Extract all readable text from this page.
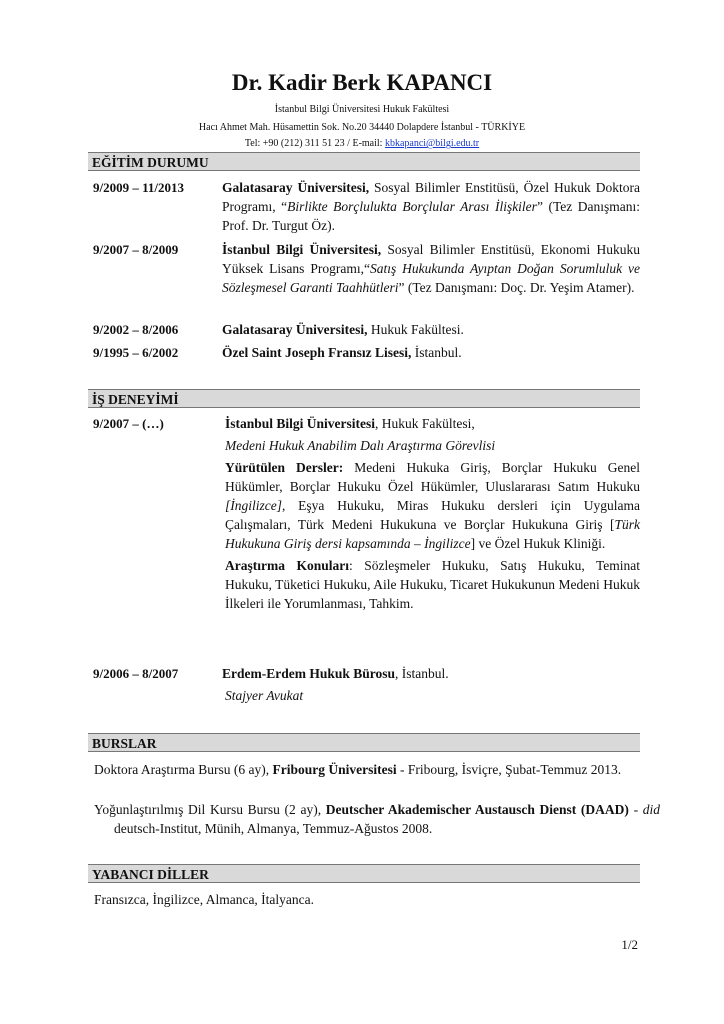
Dr. Kadir Berk KAPANCI
İstanbul Bilgi Üniversitesi Hukuk Fakültesi
Hacı Ahmet Mah. Hüsamettin Sok. No.20 34440 Dolapdere İstanbul - TÜRKİYE
Tel: +90 (212) 311 51 23 / E-mail: kbkapanci@bilgi.edu.tr
EĞİTİM DURUMU
9/2009 – 11/2013	Galatasaray Üniversitesi, Sosyal Bilimler Enstitüsü, Özel Hukuk Doktora Programı, “Birlikte Borçlulukta Borçlular Arası İlişkiler” (Tez Danışmanı: Prof. Dr. Turgut Öz).
9/2007 – 8/2009	İstanbul Bilgi Üniversitesi, Sosyal Bilimler Enstitüsü, Ekonomi Hukuku Yüksek Lisans Programı,“Satış Hukukunda Ayıptan Doğan Sorumluluk ve Sözleşmesel Garanti Taahhütleri” (Tez Danışmanı: Doç. Dr. Yeşim Atamer).
9/2002 – 8/2006	Galatasaray Üniversitesi, Hukuk Fakültesi.
9/1995 – 6/2002	Özel Saint Joseph Fransız Lisesi, İstanbul.
İŞ DENEYİMİ
9/2007 – (…)	İstanbul Bilgi Üniversitesi, Hukuk Fakültesi,

Medeni Hukuk Anabilim Dalı Araştırma Görevlisi

Yürütülen Dersler: Medeni Hukuka Giriş, Borçlar Hukuku Genel Hükümler, Borçlar Hukuku Özel Hükümler, Uluslararası Satım Hukuku [İngilizce], Eşya Hukuku, Miras Hukuku dersleri için Uygulama Çalışmaları, Türk Medeni Hukukuna ve Borçlar Hukukuna Giriş [Türk Hukukuna Giriş dersi kapsamında – İngilizce] ve Özel Hukuk Kliniği.

Araştırma Konuları: Sözleşmeler Hukuku, Satış Hukuku, Teminat Hukuku, Tüketici Hukuku, Aile Hukuku, Ticaret Hukukunun Medeni Hukuk İlkeleri ile Yorumlanması, Tahkim.

9/2006 – 8/2007	Erdem-Erdem Hukuk Bürosu, İstanbul.

Stajyer Avukat

BURSLAR
Doktora Araştırma Bursu (6 ay), Fribourg Üniversitesi - Fribourg, İsviçre, Şubat-Temmuz 2013.
Yoğunlaştırılmış Dil Kursu Bursu (2 ay), Deutscher Akademischer Austausch Dienst (DAAD) - did deutsch-Institut, Münih, Almanya, Temmuz-Ağustos 2008.
YABANCI DİLLER
Fransızca, İngilizce, Almanca, İtalyanca.
1/2
